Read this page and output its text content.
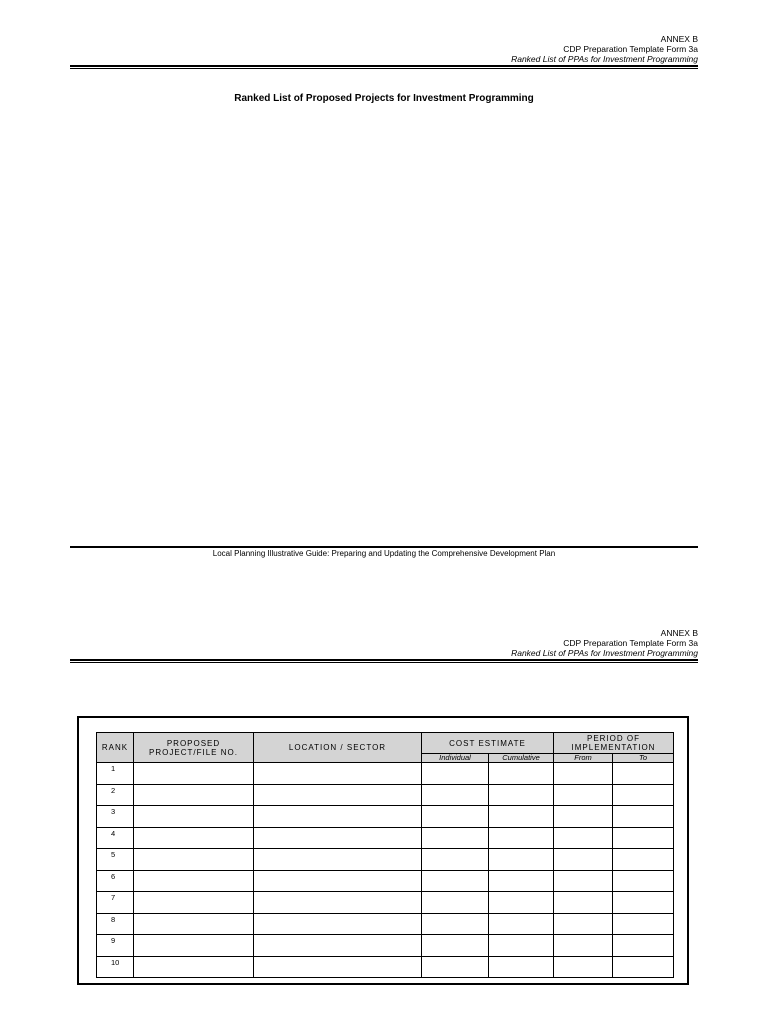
ANNEX B
CDP Preparation Template Form 3a
Ranked List of PPAs for Investment Programming
Ranked List of Proposed Projects for Investment Programming
Local Planning Illustrative Guide: Preparing and Updating the Comprehensive Development Plan
ANNEX B
CDP Preparation Template Form 3a
Ranked List of PPAs for Investment Programming
RANK	PROPOSED PROJECT/FILE NO.	LOCATION / SECTOR	COST ESTIMATE		PERIOD OF IMPLEMENTATION	
			Individual	Cumulative	From	To
1						
2						
3						
4						
5						
6						
7						
8						
9						
10						
